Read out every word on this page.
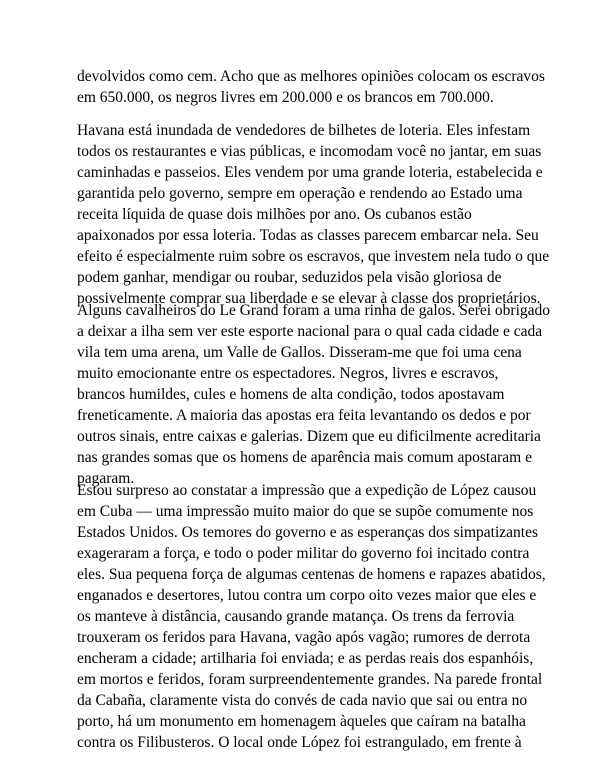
devolvidos como cem. Acho que as melhores opiniões colocam os escravos
em 650.000, os negros livres em 200.000 e os brancos em 700.000.
Havana está inundada de vendedores de bilhetes de loteria. Eles infestam
todos os restaurantes e vias públicas, e incomodam você no jantar, em suas
caminhadas e passeios. Eles vendem por uma grande loteria, estabelecida e
garantida pelo governo, sempre em operação e rendendo ao Estado uma
receita líquida de quase dois milhões por ano. Os cubanos estão
apaixonados por essa loteria. Todas as classes parecem embarcar nela. Seu
efeito é especialmente ruim sobre os escravos, que investem nela tudo o que
podem ganhar, mendigar ou roubar, seduzidos pela visão gloriosa de
possivelmente comprar sua liberdade e se elevar à classe dos proprietários.
Alguns cavalheiros do Le Grand foram a uma rinha de galos. Serei obrigado
a deixar a ilha sem ver este esporte nacional para o qual cada cidade e cada
vila tem uma arena, um Valle de Gallos. Disseram-me que foi uma cena
muito emocionante entre os espectadores. Negros, livres e escravos,
brancos humildes, cules e homens de alta condição, todos apostavam
freneticamente. A maioria das apostas era feita levantando os dedos e por
outros sinais, entre caixas e galerias. Dizem que eu dificilmente acreditaria
nas grandes somas que os homens de aparência mais comum apostaram e
pagaram.
Estou surpreso ao constatar a impressão que a expedição de López causou
em Cuba — uma impressão muito maior do que se supõe comumente nos
Estados Unidos. Os temores do governo e as esperanças dos simpatizantes
exageraram a força, e todo o poder militar do governo foi incitado contra
eles. Sua pequena força de algumas centenas de homens e rapazes abatidos,
enganados e desertores, lutou contra um corpo oito vezes maior que eles e
os manteve à distância, causando grande matança. Os trens da ferrovia
trouxeram os feridos para Havana, vagão após vagão; rumores de derrota
encheram a cidade; artilharia foi enviada; e as perdas reais dos espanhóis,
em mortos e feridos, foram surpreendentemente grandes. Na parede frontal
da Cabaña, claramente vista do convés de cada navio que sai ou entra no
porto, há um monumento em homenagem àqueles que caíram na batalha
contra os Filibusteros. O local onde López foi estrangulado, em frente à
